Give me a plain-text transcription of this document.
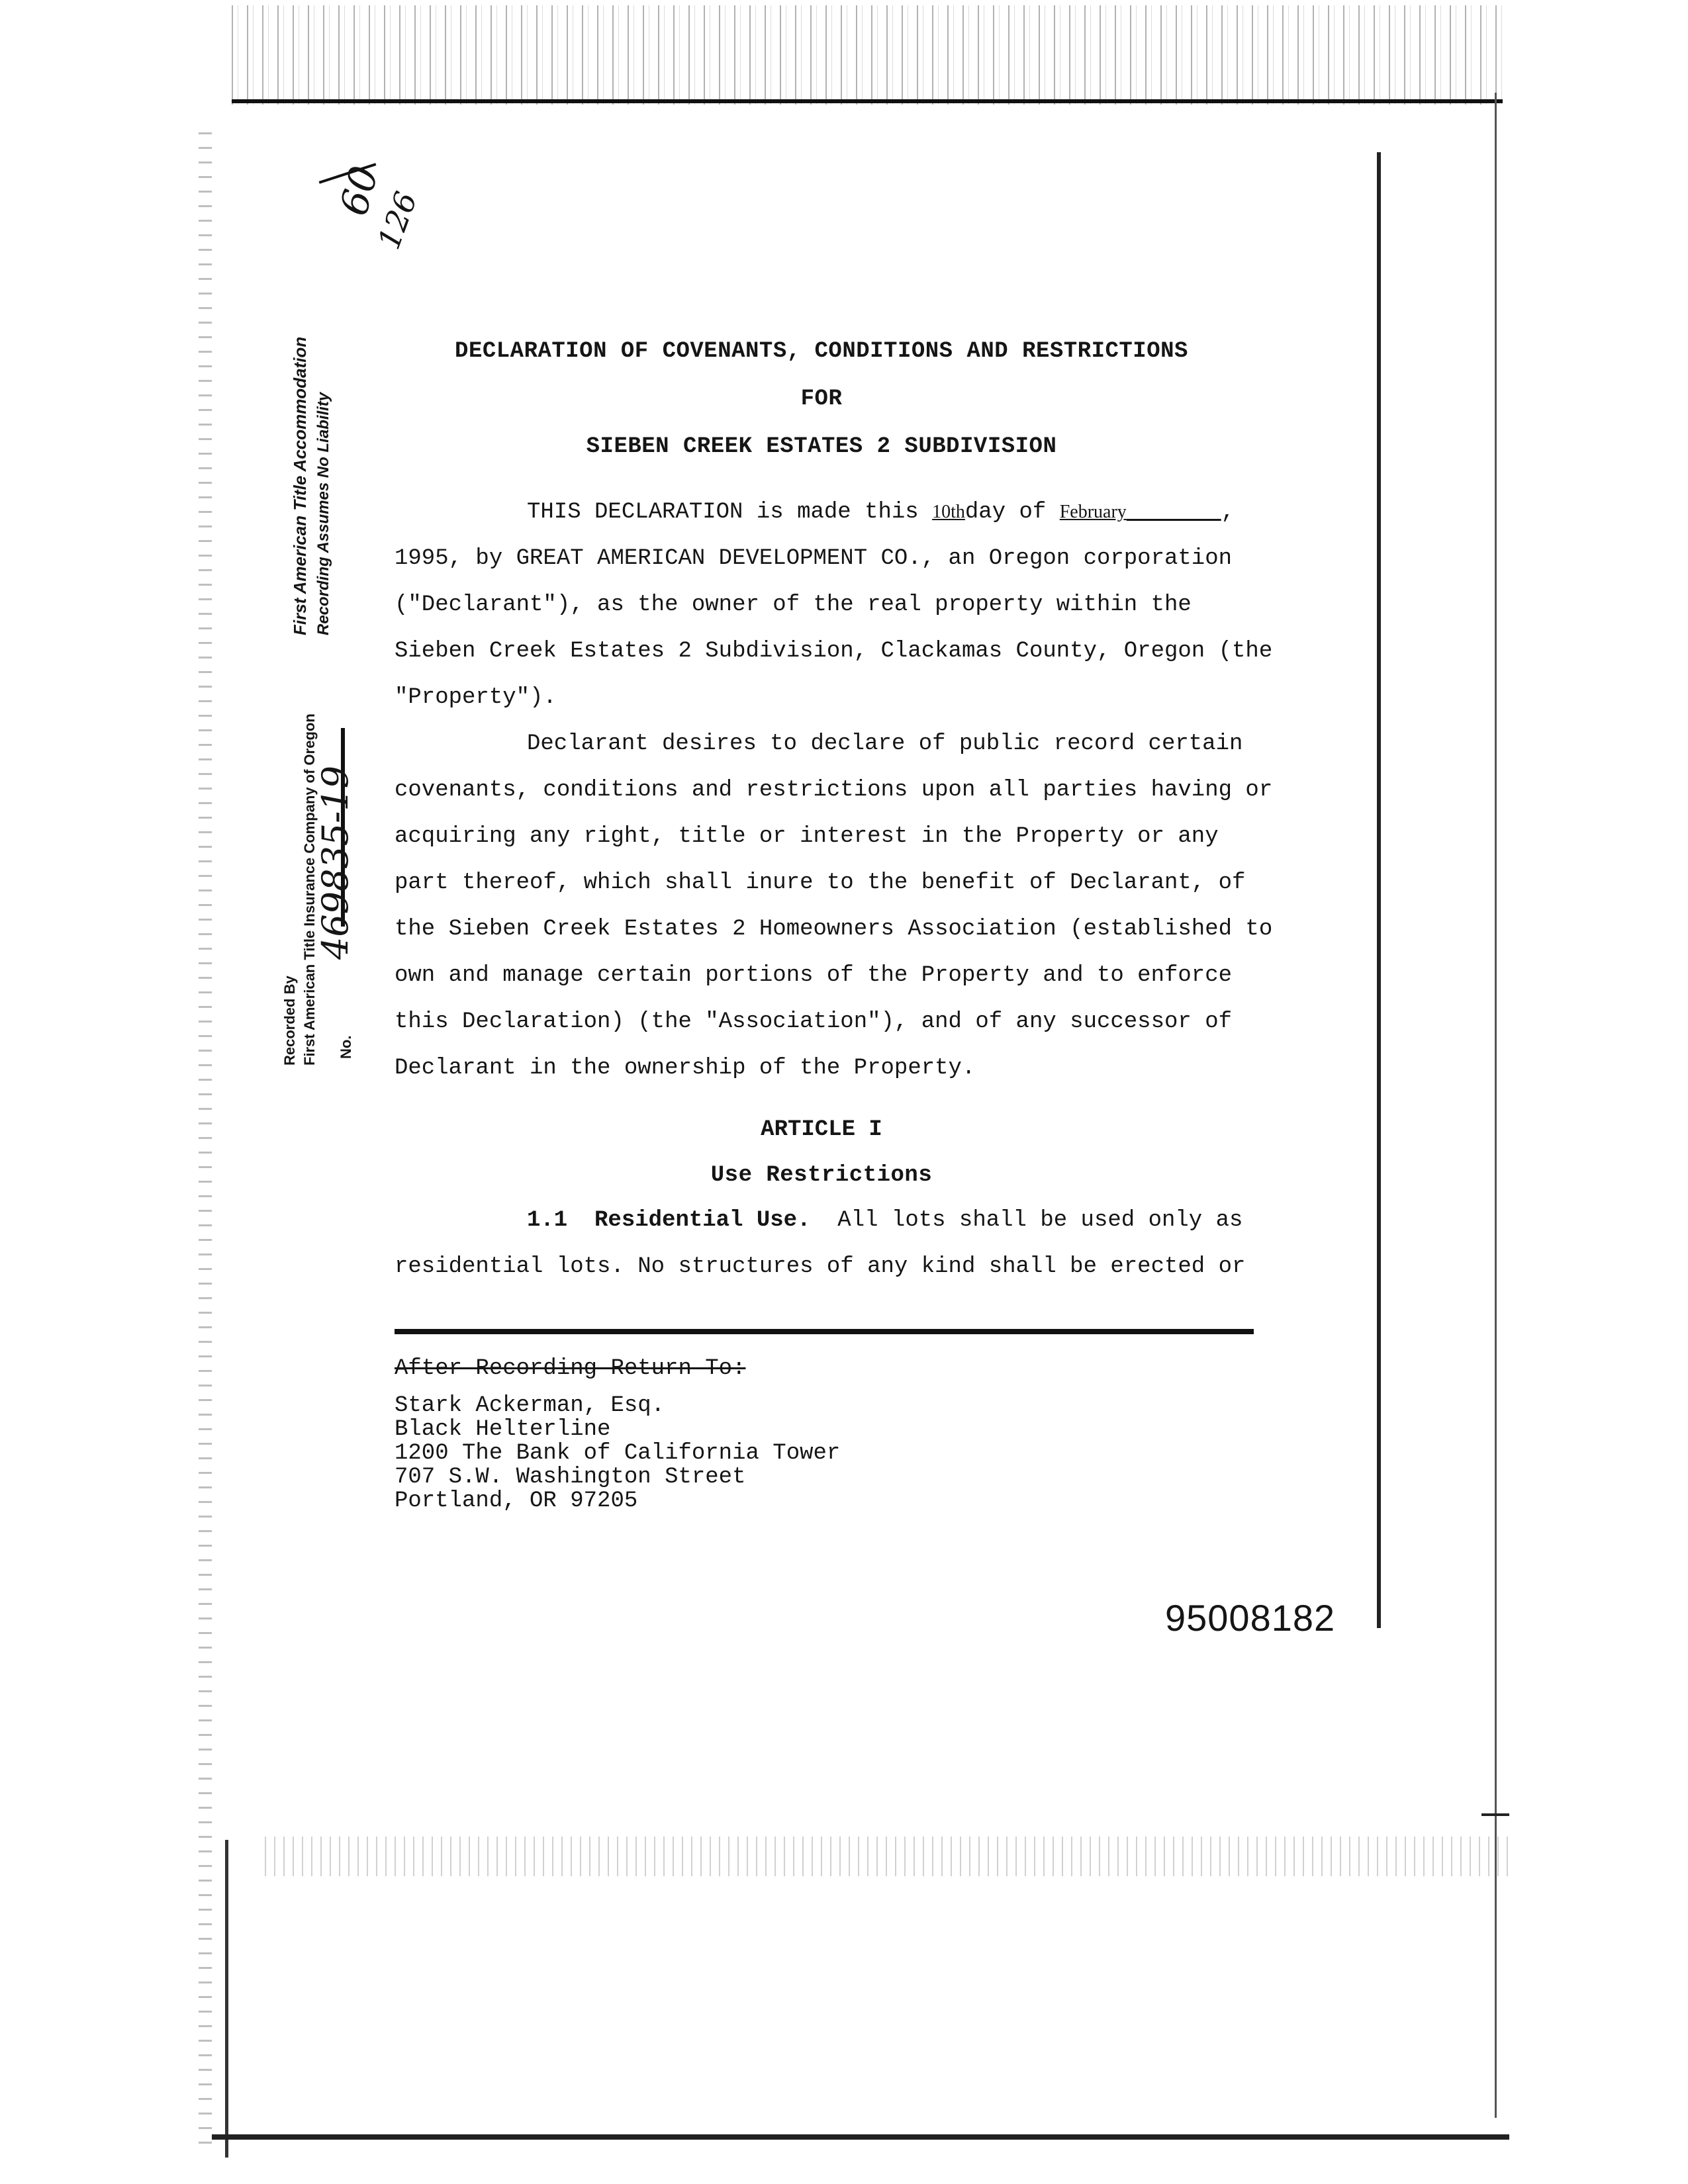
60
126
First American Title Accommodation Recording Assumes No Liability
Recorded By First American Title Insurance Company of Oregon
469835-19
No.
DECLARATION OF COVENANTS, CONDITIONS AND RESTRICTIONS
FOR
SIEBEN CREEK ESTATES 2 SUBDIVISION
THIS DECLARATION is made this 10thday of February	,
1995, by GREAT AMERICAN DEVELOPMENT CO., an Oregon corporation
("Declarant"), as the owner of the real property within the
Sieben Creek Estates 2 Subdivision, Clackamas County, Oregon (the
"Property").
Declarant desires to declare of public record certain
covenants, conditions and restrictions upon all parties having or
acquiring any right, title or interest in the Property or any
part thereof, which shall inure to the benefit of Declarant, of
the Sieben Creek Estates 2 Homeowners Association (established to
own and manage certain portions of the Property and to enforce
this Declaration) (the "Association"), and of any successor of
Declarant in the ownership of the Property.
ARTICLE I
Use Restrictions
1.1 Residential Use. All lots shall be used only as
residential lots. No structures of any kind shall be erected or
After Recording Return To:
Stark Ackerman, Esq.
Black Helterline
1200 The Bank of California Tower
707 S.W. Washington Street
Portland, OR 97205
95008182
